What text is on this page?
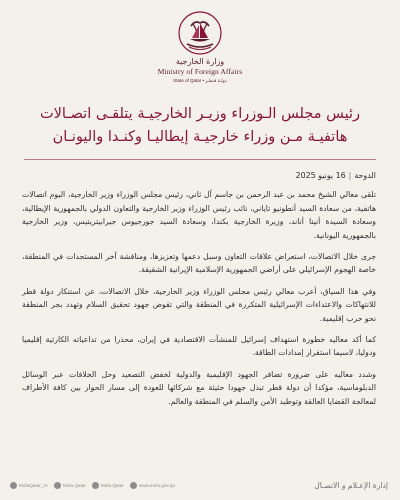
وزارة الخارجية
Ministry of Foreign Affairs
State of Qatar • دولـة قـطـر
رئيس مجلس الـوزراء وزيـر الخارجيـة يتلقـى اتصـالات
هاتفيـة مـن وزراء خارجيـة إيطاليـا وكنـدا واليونـان
الدوحة|16 يونيو 2025

تلقى معالي الشيخ محمد بن عبد الرحمن بن جاسم آل ثاني، رئيس مجلس الوزراء وزير الخارجية، اليوم اتصالات هاتفية، من سعادة السيد أنطونيو تاياني، نائب رئيس الوزراء وزير الخارجية والتعاون الدولي بالجمهورية الإيطالية، وسعادة السيدة أنيتا أناند، وزيرة الخارجية بكندا، وسعادة السيد جورجيوس جيرابيتريتيس، وزير الخارجية بالجمهورية اليونانية.

جرى خلال الاتصالات، استعراض علاقات التعاون وسبل دعمها وتعزيزها، ومناقشة آخر المستجدات في المنطقة، خاصة الهجوم الإسرائيلي على أراضي الجمهورية الإسلامية الإيرانية الشقيقة.

وفي هذا السياق، أعرب معالي رئيس مجلس الوزراء وزير الخارجية، خلال الاتصالات، عن استنكار دولة قطر للانتهاكات والاعتداءات الإسرائيلية المتكررة في المنطقة والتي تقوض جهود تحقيق السلام وتهدد بجر المنطقة نحو حرب إقليمية.

كما أكد معاليه خطورة استهداف إسرائيل للمنشآت الاقتصادية في إيران، محذرا من تداعياته الكارثية إقليميا ودوليا، لاسيما استقرار إمدادات الطاقة.

وشدد معاليه على ضرورة تضافر الجهود الإقليمية والدولية لخفض التصعيد وحل الخلافات عبر الوسائل الدبلوماسية، مؤكدا أن دولة قطر تبذل جهودا حثيثة مع شركائها للعودة إلى مسار الحوار بين كافة الأطراف لمعالجة القضايا العالقة وتوطيد الأمن والسلم في المنطقة والعالم.

MofaQatar_Ar	Mofa.Qatar	Mofa.Qatar	www.mofa.gov.qa	إدارة الإعـلام و الاتصـال
